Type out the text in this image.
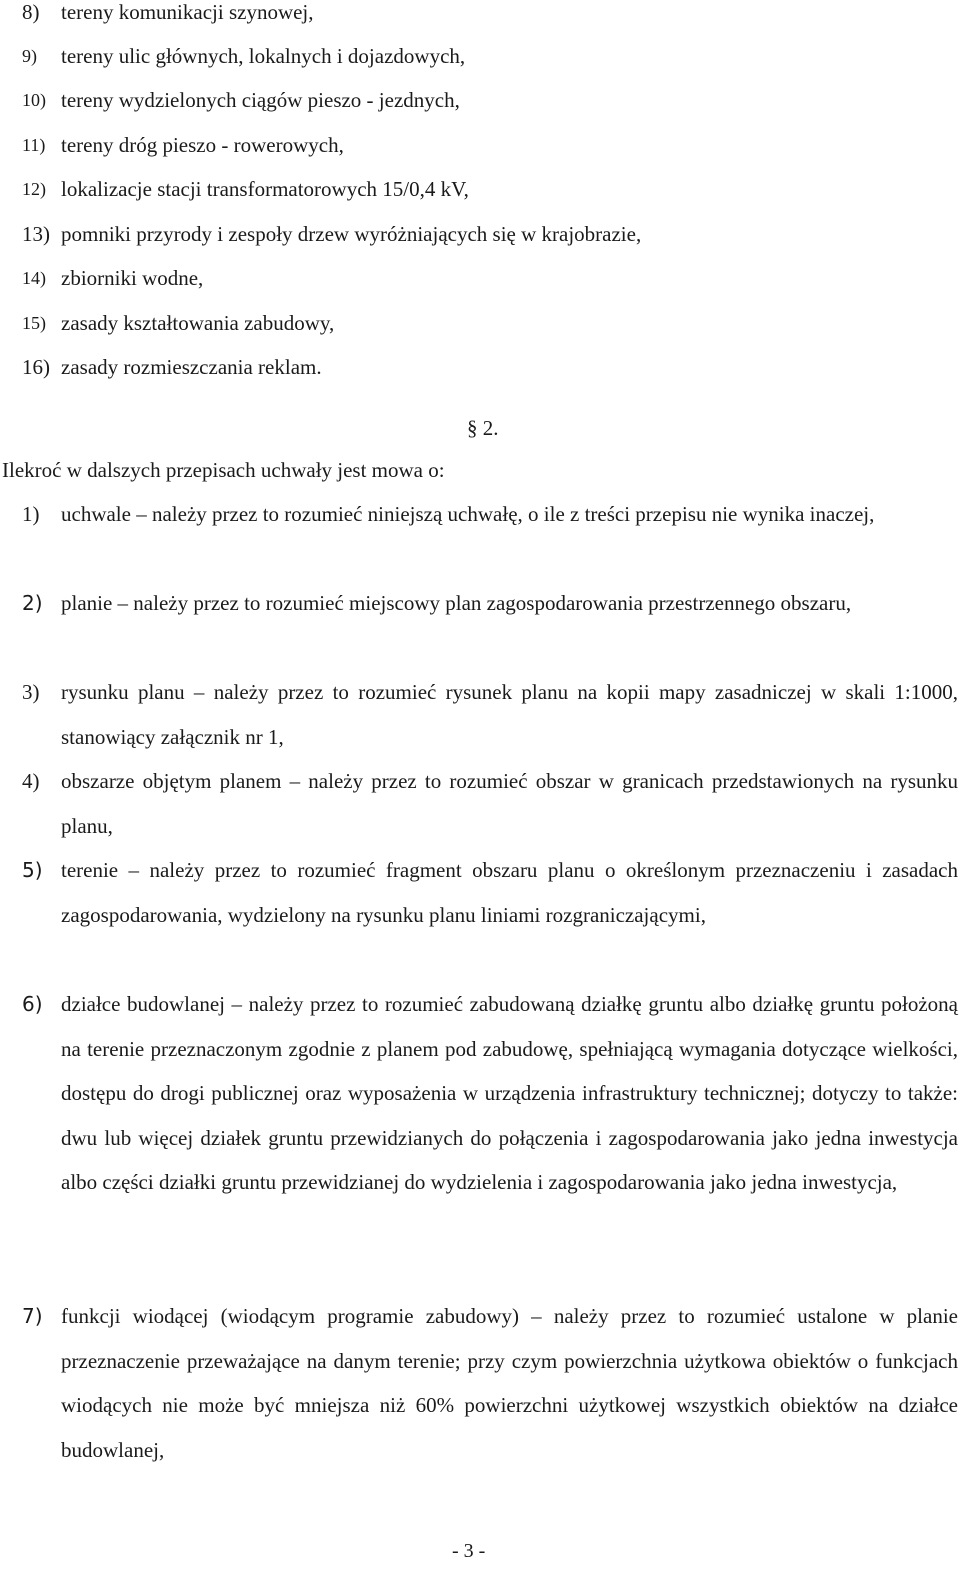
8)	tereny komunikacji szynowej,
9)	tereny ulic głównych, lokalnych i dojazdowych,
10) tereny wydzielonych ciągów pieszo - jezdnych,
11) tereny dróg pieszo - rowerowych,
12) lokalizacje stacji transformatorowych 15/0,4 kV,
13) pomniki przyrody i zespoły drzew wyróżniających się w krajobrazie,
14) zbiorniki wodne,
15) zasady kształtowania zabudowy,
16) zasady rozmieszczania reklam.
§ 2.
Ilekroć w dalszych przepisach uchwały jest mowa o:
1)	uchwale – należy przez to rozumieć niniejszą uchwałę, o ile z treści przepisu nie wynika inaczej,
2) planie – należy przez to rozumieć miejscowy plan zagospodarowania przestrzennego obszaru,
3)	rysunku planu – należy przez to rozumieć rysunek planu na kopii mapy zasadniczej w skali 1:1000, stanowiący załącznik nr 1,
4)	obszarze objętym planem – należy przez to rozumieć obszar w granicach przedstawionych na rysunku planu,
5) terenie – należy przez to rozumieć fragment obszaru planu o określonym przeznaczeniu i zasadach zagospodarowania, wydzielony na rysunku planu liniami rozgraniczającymi,
6) działce budowlanej – należy przez to rozumieć zabudowaną działkę gruntu albo działkę gruntu położoną na terenie przeznaczonym zgodnie z planem pod zabudowę, spełniającą wymagania dotyczące wielkości, dostępu do drogi publicznej oraz wyposażenia w urządzenia infrastruktury technicznej; dotyczy to także: dwu lub więcej działek gruntu przewidzianych do połączenia i zagospodarowania jako jedna inwestycja albo części działki gruntu przewidzianej do wydzielenia i zagospodarowania jako jedna inwestycja,
7) funkcji wiodącej (wiodącym programie zabudowy) – należy przez to rozumieć ustalone w planie przeznaczenie przeważające na danym terenie; przy czym powierzchnia użytkowa obiektów o funkcjach wiodących nie może być mniejsza niż 60% powierzchni użytkowej wszystkich obiektów na działce budowlanej,
- 3 -
